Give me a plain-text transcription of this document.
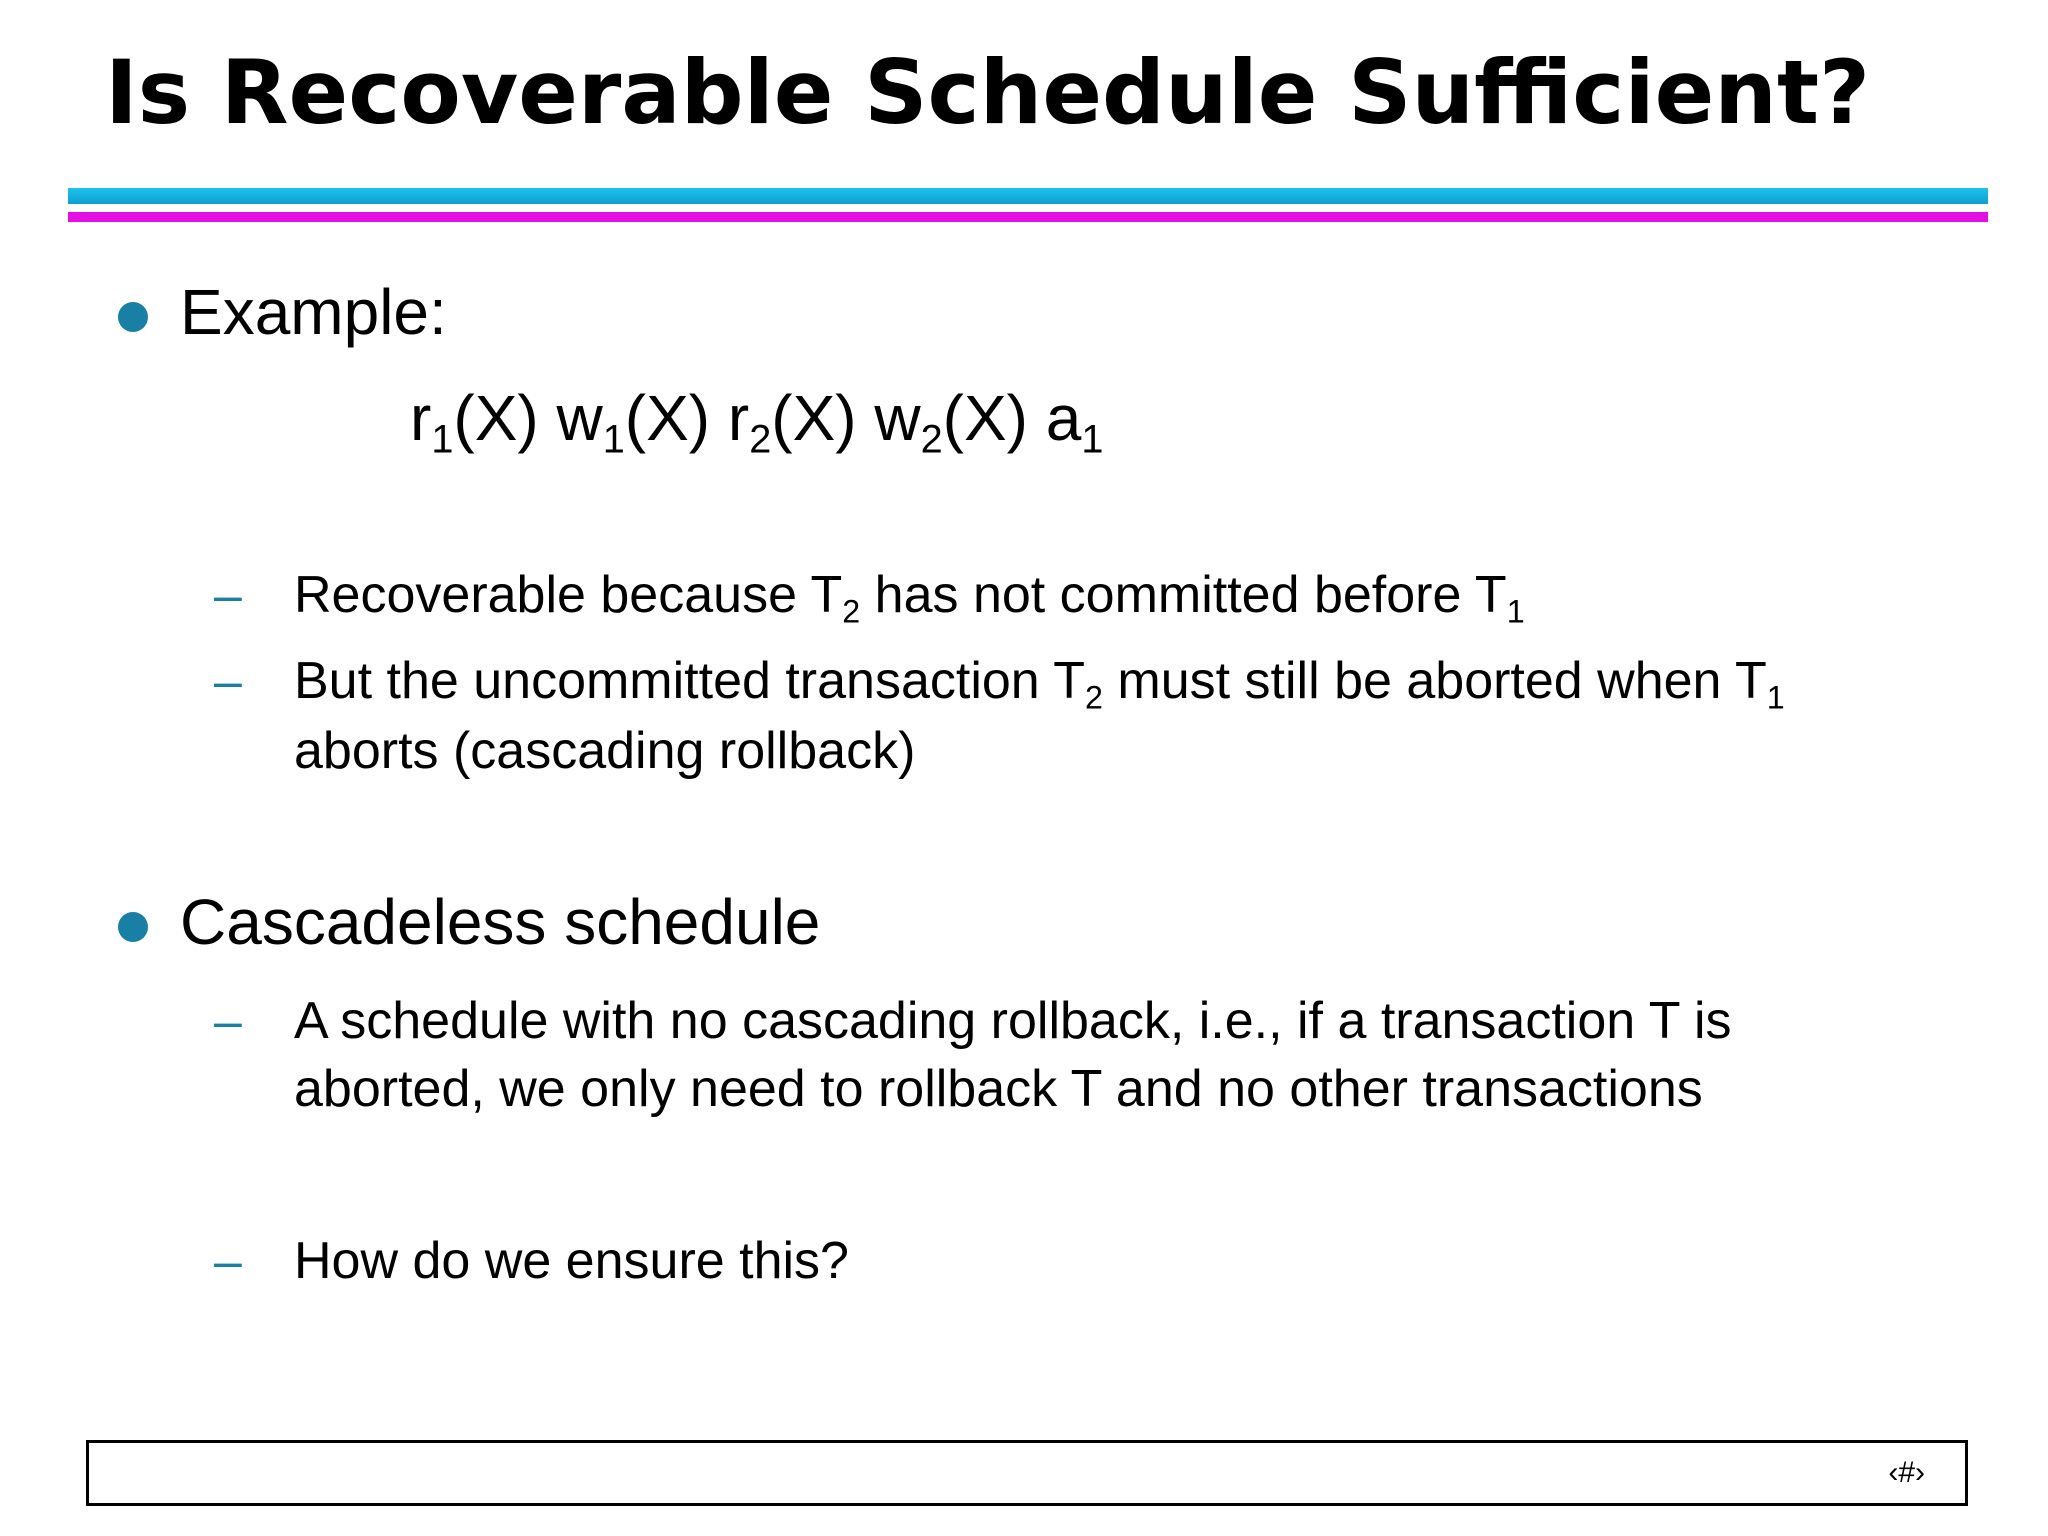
Is Recoverable Schedule Sufficient?
Example:
$r_1(X)$ $w_1(X)$ $r_2(X)$ $w_2(X)$ $a_1$
– Recoverable because $T_2$ has not committed before $T_1$
– But the uncommitted transaction $T_2$ must still be aborted when $T_1$
aborts (cascading rollback)
Cascadeless schedule
– A schedule with no cascading rollback, i.e., if a transaction T is
aborted, we only need to rollback T and no other transactions
– How do we ensure this?
‹#›
